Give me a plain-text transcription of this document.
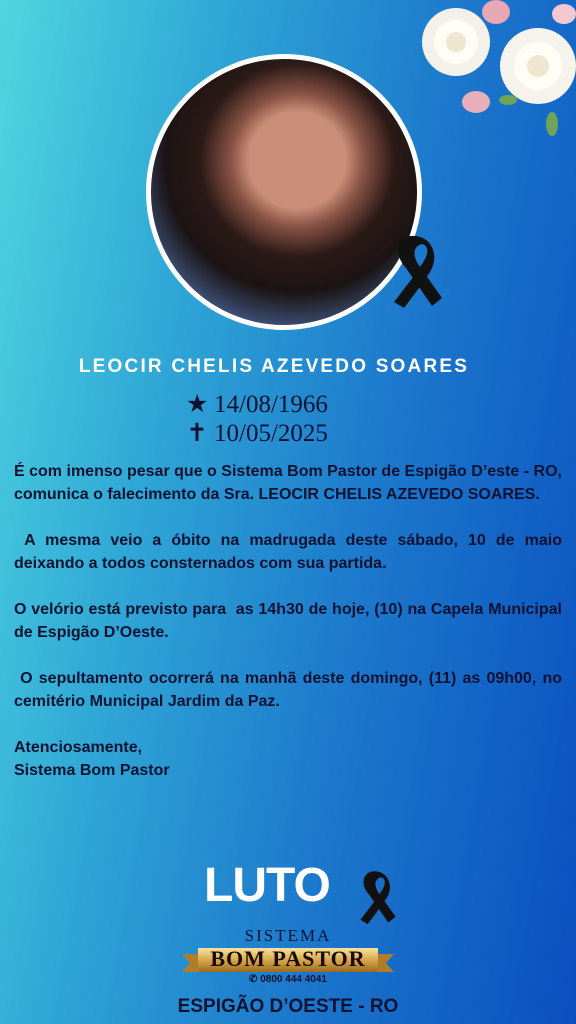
LEOCIR CHELIS AZEVEDO SOARES
★ 14/08/1966
✝ 10/05/2025

É com imenso pesar que o Sistema Bom Pastor de Espigão D’este - RO,  comunica o falecimento da Sra. LEOCIR CHELIS AZEVEDO SOARES.

A mesma veio a óbito na madrugada deste sábado, 10 de maio deixando a todos consternados com sua partida.

O velório está previsto para  as 14h30 de hoje, (10) na Capela Municipal de Espigão D’Oeste.

O sepultamento ocorrerá na manhã deste domingo, (11) as 09h00, no cemitério Municipal Jardim da Paz.

Atenciosamente,

Sistema Bom Pastor

LUTO
SISTEMA
BOM PASTOR
✆ 0800 444 4041
ESPIGÃO D’OESTE - RO
